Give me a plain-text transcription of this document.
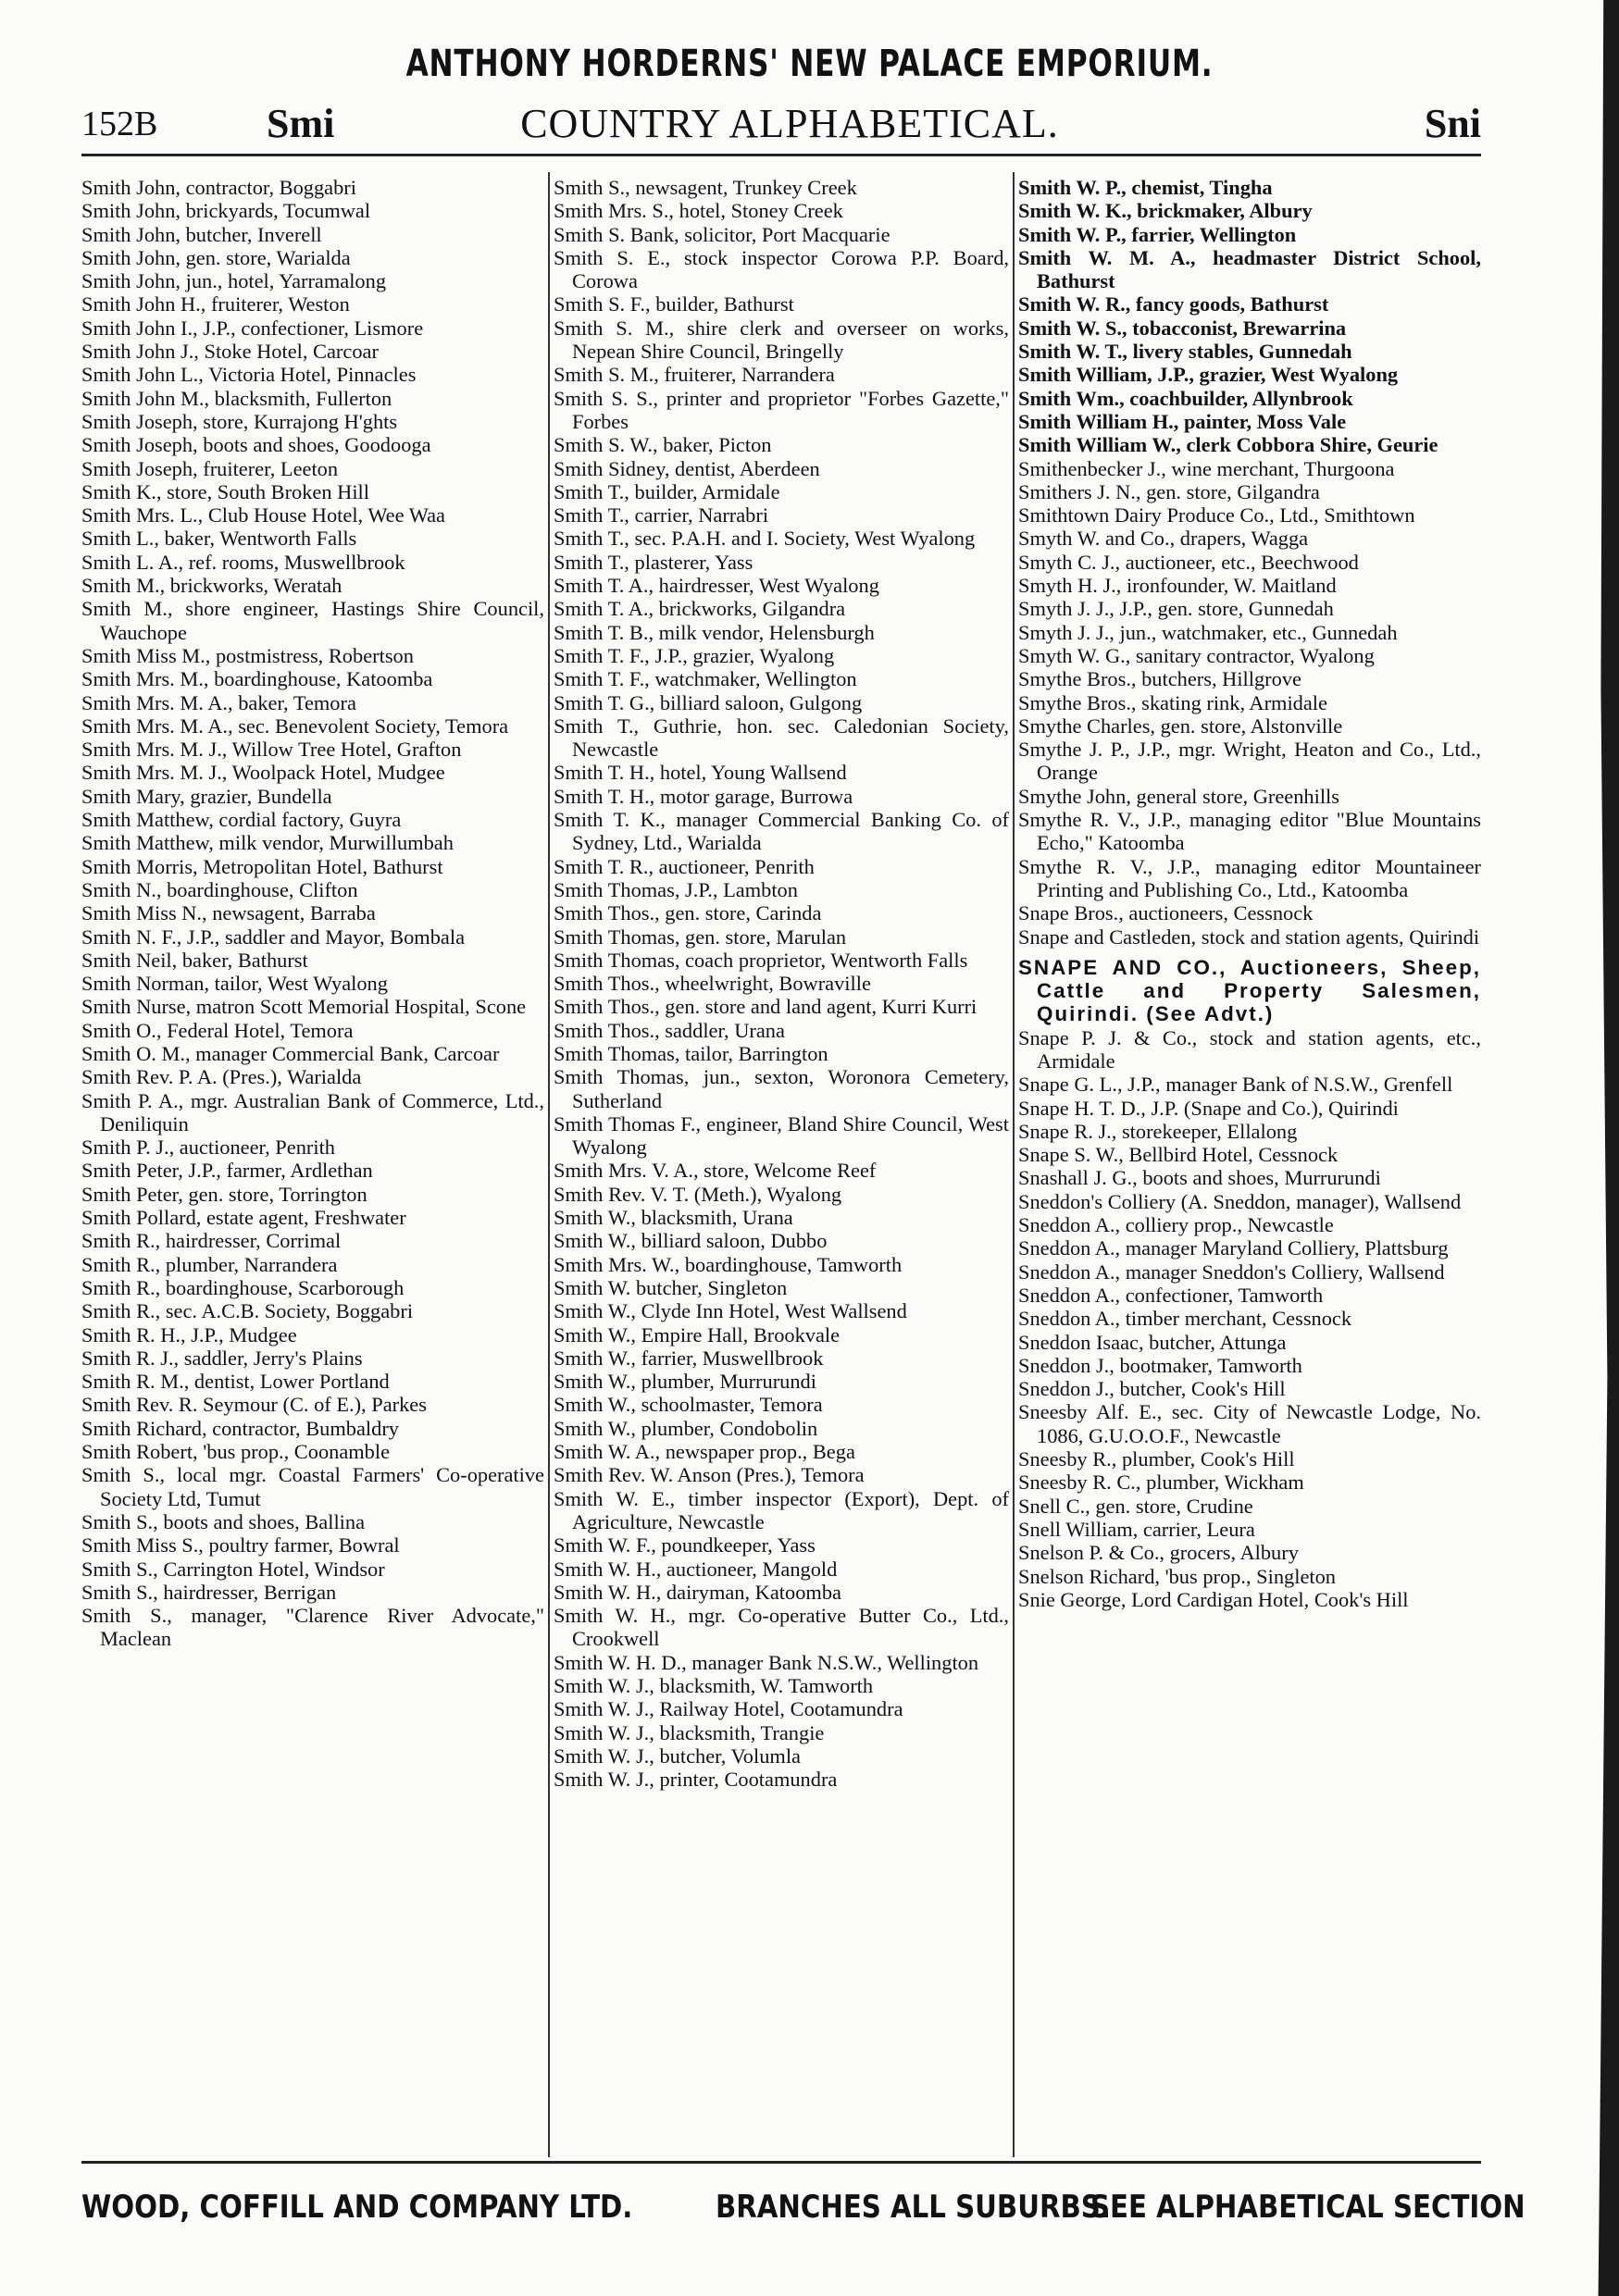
ANTHONY HORDERNS' NEW PALACE EMPORIUM.
152B	Smi	COUNTRY ALPHABETICAL.	Sni

Smith John, contractor, Boggabri

Smith John, brickyards, Tocumwal

Smith John, butcher, Inverell

Smith John, gen. store, Warialda

Smith John, jun., hotel, Yarramalong

Smith John H., fruiterer, Weston

Smith John I., J.P., confectioner, Lismore

Smith John J., Stoke Hotel, Carcoar

Smith John L., Victoria Hotel, Pinnacles

Smith John M., blacksmith, Fullerton

Smith Joseph, store, Kurrajong H'ghts

Smith Joseph, boots and shoes, Goodooga

Smith Joseph, fruiterer, Leeton

Smith K., store, South Broken Hill

Smith Mrs. L., Club House Hotel, Wee Waa

Smith L., baker, Wentworth Falls

Smith L. A., ref. rooms, Muswellbrook

Smith M., brickworks, Weratah

Smith M., shore engineer, Hastings Shire Council, Wauchope

Smith Miss M., postmistress, Robertson

Smith Mrs. M., boardinghouse, Katoomba

Smith Mrs. M. A., baker, Temora

Smith Mrs. M. A., sec. Benevolent Society, Temora

Smith Mrs. M. J., Willow Tree Hotel, Grafton

Smith Mrs. M. J., Woolpack Hotel, Mudgee

Smith Mary, grazier, Bundella

Smith Matthew, cordial factory, Guyra

Smith Matthew, milk vendor, Murwillumbah

Smith Morris, Metropolitan Hotel, Bathurst

Smith N., boardinghouse, Clifton

Smith Miss N., newsagent, Barraba

Smith N. F., J.P., saddler and Mayor, Bombala

Smith Neil, baker, Bathurst

Smith Norman, tailor, West Wyalong

Smith Nurse, matron Scott Memorial Hospital, Scone

Smith O., Federal Hotel, Temora

Smith O. M., manager Commercial Bank, Carcoar

Smith Rev. P. A. (Pres.), Warialda

Smith P. A., mgr. Australian Bank of Commerce, Ltd., Deniliquin

Smith P. J., auctioneer, Penrith

Smith Peter, J.P., farmer, Ardlethan

Smith Peter, gen. store, Torrington

Smith Pollard, estate agent, Freshwater

Smith R., hairdresser, Corrimal

Smith R., plumber, Narrandera

Smith R., boardinghouse, Scarborough

Smith R., sec. A.C.B. Society, Boggabri

Smith R. H., J.P., Mudgee

Smith R. J., saddler, Jerry's Plains

Smith R. M., dentist, Lower Portland

Smith Rev. R. Seymour (C. of E.), Parkes

Smith Richard, contractor, Bumbaldry

Smith Robert, 'bus prop., Coonamble

Smith S., local mgr. Coastal Farmers' Co-operative Society Ltd, Tumut

Smith S., boots and shoes, Ballina

Smith Miss S., poultry farmer, Bowral

Smith S., Carrington Hotel, Windsor

Smith S., hairdresser, Berrigan

Smith S., manager, "Clarence River Advocate," Maclean

Smith S., newsagent, Trunkey Creek

Smith Mrs. S., hotel, Stoney Creek

Smith S. Bank, solicitor, Port Macquarie

Smith S. E., stock inspector Corowa P.P. Board, Corowa

Smith S. F., builder, Bathurst

Smith S. M., shire clerk and overseer on works, Nepean Shire Council, Bringelly

Smith S. M., fruiterer, Narrandera

Smith S. S., printer and proprietor "Forbes Gazette," Forbes

Smith S. W., baker, Picton

Smith Sidney, dentist, Aberdeen

Smith T., builder, Armidale

Smith T., carrier, Narrabri

Smith T., sec. P.A.H. and I. Society, West Wyalong

Smith T., plasterer, Yass

Smith T. A., hairdresser, West Wyalong

Smith T. A., brickworks, Gilgandra

Smith T. B., milk vendor, Helensburgh

Smith T. F., J.P., grazier, Wyalong

Smith T. F., watchmaker, Wellington

Smith T. G., billiard saloon, Gulgong

Smith T., Guthrie, hon. sec. Caledonian Society, Newcastle

Smith T. H., hotel, Young Wallsend

Smith T. H., motor garage, Burrowa

Smith T. K., manager Commercial Banking Co. of Sydney, Ltd., Warialda

Smith T. R., auctioneer, Penrith

Smith Thomas, J.P., Lambton

Smith Thos., gen. store, Carinda

Smith Thomas, gen. store, Marulan

Smith Thomas, coach proprietor, Wentworth Falls

Smith Thos., wheelwright, Bowraville

Smith Thos., gen. store and land agent, Kurri Kurri

Smith Thos., saddler, Urana

Smith Thomas, tailor, Barrington

Smith Thomas, jun., sexton, Woronora Cemetery, Sutherland

Smith Thomas F., engineer, Bland Shire Council, West Wyalong

Smith Mrs. V. A., store, Welcome Reef

Smith Rev. V. T. (Meth.), Wyalong

Smith W., blacksmith, Urana

Smith W., billiard saloon, Dubbo

Smith Mrs. W., boardinghouse, Tamworth

Smith W. butcher, Singleton

Smith W., Clyde Inn Hotel, West Wallsend

Smith W., Empire Hall, Brookvale

Smith W., farrier, Muswellbrook

Smith W., plumber, Murrurundi

Smith W., schoolmaster, Temora

Smith W., plumber, Condobolin

Smith W. A., newspaper prop., Bega

Smith Rev. W. Anson (Pres.), Temora

Smith W. E., timber inspector (Export), Dept. of Agriculture, Newcastle

Smith W. F., poundkeeper, Yass

Smith W. H., auctioneer, Mangold

Smith W. H., dairyman, Katoomba

Smith W. H., mgr. Co-operative Butter Co., Ltd., Crookwell

Smith W. H. D., manager Bank N.S.W., Wellington

Smith W. J., blacksmith, W. Tamworth

Smith W. J., Railway Hotel, Cootamundra

Smith W. J., blacksmith, Trangie

Smith W. J., butcher, Volumla

Smith W. J., printer, Cootamundra

Smith W. P., chemist, Tingha

Smith W. K., brickmaker, Albury

Smith W. P., farrier, Wellington

Smith W. M. A., headmaster District School, Bathurst

Smith W. R., fancy goods, Bathurst

Smith W. S., tobacconist, Brewarrina

Smith W. T., livery stables, Gunnedah

Smith William, J.P., grazier, West Wyalong

Smith Wm., coachbuilder, Allynbrook

Smith William H., painter, Moss Vale

Smith William W., clerk Cobbora Shire, Geurie

Smithenbecker J., wine merchant, Thurgoona

Smithers J. N., gen. store, Gilgandra

Smithtown Dairy Produce Co., Ltd., Smithtown

Smyth W. and Co., drapers, Wagga

Smyth C. J., auctioneer, etc., Beechwood

Smyth H. J., ironfounder, W. Maitland

Smyth J. J., J.P., gen. store, Gunnedah

Smyth J. J., jun., watchmaker, etc., Gunnedah

Smyth W. G., sanitary contractor, Wyalong

Smythe Bros., butchers, Hillgrove

Smythe Bros., skating rink, Armidale

Smythe Charles, gen. store, Alstonville

Smythe J. P., J.P., mgr. Wright, Heaton and Co., Ltd., Orange

Smythe John, general store, Greenhills

Smythe R. V., J.P., managing editor "Blue Mountains Echo," Katoomba

Smythe R. V., J.P., managing editor Mountaineer Printing and Publishing Co., Ltd., Katoomba

Snape Bros., auctioneers, Cessnock

Snape and Castleden, stock and station agents, Quirindi

SNAPE AND CO., Auctioneers, Sheep, Cattle and Property Salesmen, Quirindi. (See Advt.)

Snape P. J. & Co., stock and station agents, etc., Armidale

Snape G. L., J.P., manager Bank of N.S.W., Grenfell

Snape H. T. D., J.P. (Snape and Co.), Quirindi

Snape R. J., storekeeper, Ellalong

Snape S. W., Bellbird Hotel, Cessnock

Snashall J. G., boots and shoes, Murrurundi

Sneddon's Colliery (A. Sneddon, manager), Wallsend

Sneddon A., colliery prop., Newcastle

Sneddon A., manager Maryland Colliery, Plattsburg

Sneddon A., manager Sneddon's Colliery, Wallsend

Sneddon A., confectioner, Tamworth

Sneddon A., timber merchant, Cessnock

Sneddon Isaac, butcher, Attunga

Sneddon J., bootmaker, Tamworth

Sneddon J., butcher, Cook's Hill

Sneesby Alf. E., sec. City of Newcastle Lodge, No. 1086, G.U.O.O.F., Newcastle

Sneesby R., plumber, Cook's Hill

Sneesby R. C., plumber, Wickham

Snell C., gen. store, Crudine

Snell William, carrier, Leura

Snelson P. & Co., grocers, Albury

Snelson Richard, 'bus prop., Singleton

Snie George, Lord Cardigan Hotel, Cook's Hill

WOOD, COFFILL AND COMPANY LTD.	BRANCHES ALL SUBURBS.
SEE ALPHABETICAL SECTION
